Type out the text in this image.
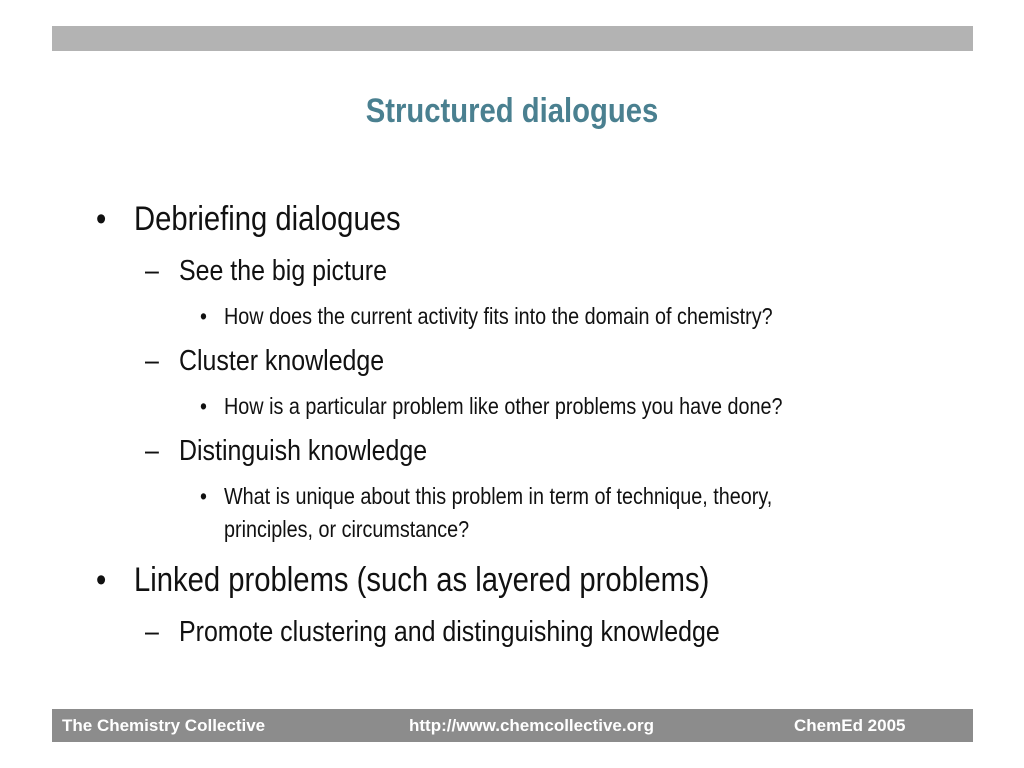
Structured dialogues
• Debriefing dialogues
– See the big picture
• How does the current activity fits into the domain of chemistry?
– Cluster knowledge
• How is a particular problem like other problems you have done?
– Distinguish knowledge
• What is unique about this problem in term of technique, theory,
principles, or circumstance?
• Linked problems (such as layered problems)
– Promote clustering and distinguishing knowledge
The Chemistry Collective	http://www.chemcollective.org	ChemEd 2005
